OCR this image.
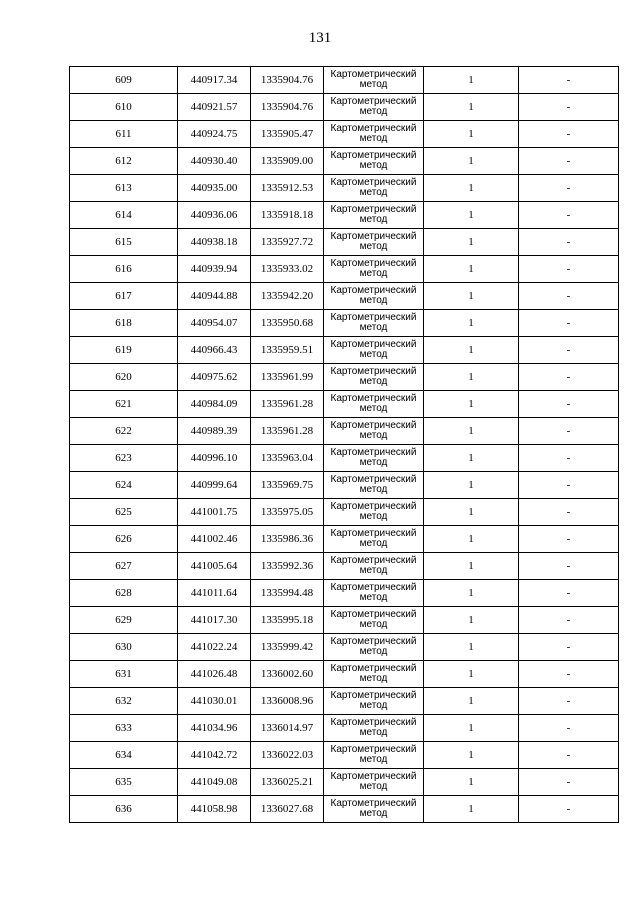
131
609	440917.34	1335904.76	Картометрический метод	1	-
610	440921.57	1335904.76	Картометрический метод	1	-
611	440924.75	1335905.47	Картометрический метод	1	-
612	440930.40	1335909.00	Картометрический метод	1	-
613	440935.00	1335912.53	Картометрический метод	1	-
614	440936.06	1335918.18	Картометрический метод	1	-
615	440938.18	1335927.72	Картометрический метод	1	-
616	440939.94	1335933.02	Картометрический метод	1	-
617	440944.88	1335942.20	Картометрический метод	1	-
618	440954.07	1335950.68	Картометрический метод	1	-
619	440966.43	1335959.51	Картометрический метод	1	-
620	440975.62	1335961.99	Картометрический метод	1	-
621	440984.09	1335961.28	Картометрический метод	1	-
622	440989.39	1335961.28	Картометрический метод	1	-
623	440996.10	1335963.04	Картометрический метод	1	-
624	440999.64	1335969.75	Картометрический метод	1	-
625	441001.75	1335975.05	Картометрический метод	1	-
626	441002.46	1335986.36	Картометрический метод	1	-
627	441005.64	1335992.36	Картометрический метод	1	-
628	441011.64	1335994.48	Картометрический метод	1	-
629	441017.30	1335995.18	Картометрический метод	1	-
630	441022.24	1335999.42	Картометрический метод	1	-
631	441026.48	1336002.60	Картометрический метод	1	-
632	441030.01	1336008.96	Картометрический метод	1	-
633	441034.96	1336014.97	Картометрический метод	1	-
634	441042.72	1336022.03	Картометрический метод	1	-
635	441049.08	1336025.21	Картометрический метод	1	-
636	441058.98	1336027.68	Картометрический метод	1	-
